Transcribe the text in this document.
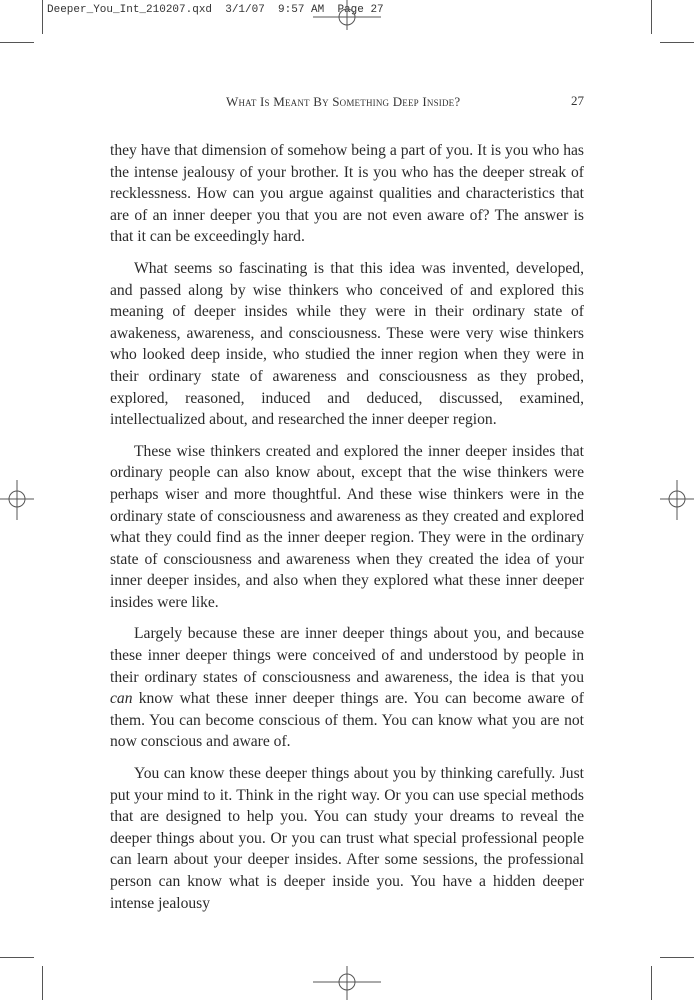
Deeper_You_Int_210207.qxd  3/1/07  9:57 AM  Page 27
What Is Meant By Something Deep Inside?	27

they have that dimension of somehow being a part of you. It is you who has the intense jealousy of your brother. It is you who has the deeper streak of recklessness. How can you argue against qualities and characteristics that are of an inner deeper you that you are not even aware of? The answer is that it can be exceedingly hard.

What seems so fascinating is that this idea was invented, developed, and passed along by wise thinkers who conceived of and explored this meaning of deeper insides while they were in their ordinary state of awakeness, awareness, and consciousness. These were very wise thinkers who looked deep inside, who studied the inner region when they were in their ordinary state of awareness and consciousness as they probed, explored, reasoned, induced and deduced, discussed, examined, intellectualized about, and researched the inner deeper region.

These wise thinkers created and explored the inner deeper insides that ordinary people can also know about, except that the wise thinkers were perhaps wiser and more thoughtful. And these wise thinkers were in the ordinary state of consciousness and awareness as they created and explored what they could find as the inner deeper region. They were in the ordinary state of consciousness and awareness when they created the idea of your inner deeper insides, and also when they explored what these inner deeper insides were like.

Largely because these are inner deeper things about you, and because these inner deeper things were conceived of and understood by people in their ordinary states of consciousness and awareness, the idea is that you can know what these inner deeper things are. You can become aware of them. You can become conscious of them. You can know what you are not now conscious and aware of.

You can know these deeper things about you by thinking carefully. Just put your mind to it. Think in the right way. Or you can use special methods that are designed to help you. You can study your dreams to reveal the deeper things about you. Or you can trust what special professional people can learn about your deeper insides. After some sessions, the professional person can know what is deeper inside you. You have a hidden deeper intense jealousy
